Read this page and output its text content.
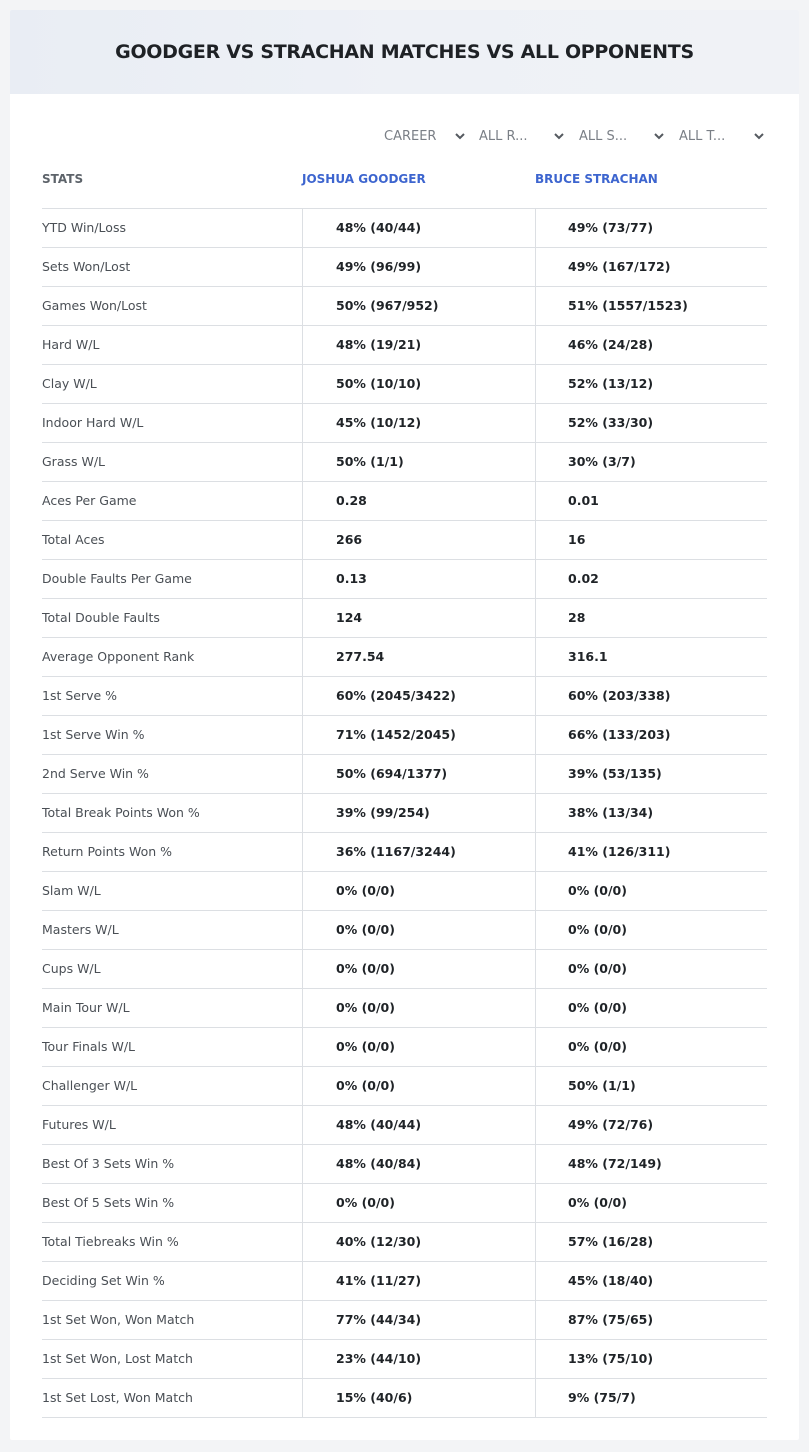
GOODGER VS STRACHAN MATCHES VS ALL OPPONENTS
CAREER	ALL R...	ALL S...	ALL T...
STATS	JOSHUA GOODGER	BRUCE STRACHAN
YTD Win/Loss	48% (40/44)	49% (73/77)
Sets Won/Lost	49% (96/99)	49% (167/172)
Games Won/Lost	50% (967/952)	51% (1557/1523)
Hard W/L	48% (19/21)	46% (24/28)
Clay W/L	50% (10/10)	52% (13/12)
Indoor Hard W/L	45% (10/12)	52% (33/30)
Grass W/L	50% (1/1)	30% (3/7)
Aces Per Game	0.28	0.01
Total Aces	266	16
Double Faults Per Game	0.13	0.02
Total Double Faults	124	28
Average Opponent Rank	277.54	316.1
1st Serve %	60% (2045/3422)	60% (203/338)
1st Serve Win %	71% (1452/2045)	66% (133/203)
2nd Serve Win %	50% (694/1377)	39% (53/135)
Total Break Points Won %	39% (99/254)	38% (13/34)
Return Points Won %	36% (1167/3244)	41% (126/311)
Slam W/L	0% (0/0)	0% (0/0)
Masters W/L	0% (0/0)	0% (0/0)
Cups W/L	0% (0/0)	0% (0/0)
Main Tour W/L	0% (0/0)	0% (0/0)
Tour Finals W/L	0% (0/0)	0% (0/0)
Challenger W/L	0% (0/0)	50% (1/1)
Futures W/L	48% (40/44)	49% (72/76)
Best Of 3 Sets Win %	48% (40/84)	48% (72/149)
Best Of 5 Sets Win %	0% (0/0)	0% (0/0)
Total Tiebreaks Win %	40% (12/30)	57% (16/28)
Deciding Set Win %	41% (11/27)	45% (18/40)
1st Set Won, Won Match	77% (44/34)	87% (75/65)
1st Set Won, Lost Match	23% (44/10)	13% (75/10)
1st Set Lost, Won Match	15% (40/6)	9% (75/7)
